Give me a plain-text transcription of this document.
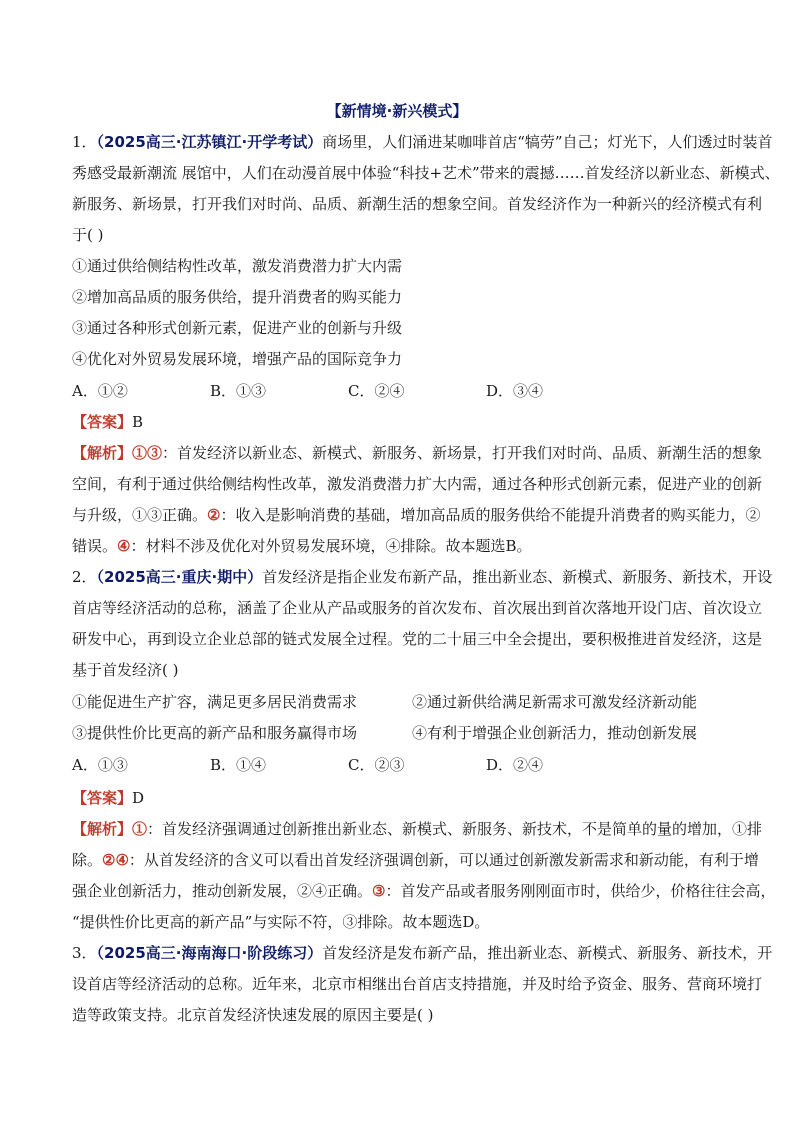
【新情境·新兴模式】
1．（2025高三·江苏镇江·开学考试）商场里，人们涌进某咖啡首店“犒劳”自己；灯光下，人们透过时装首
秀感受最新潮流 展馆中，人们在动漫首展中体验“科技+艺术”带来的震撼……首发经济以新业态、新模式、
新服务、新场景，打开我们对时尚、品质、新潮生活的想象空间。首发经济作为一种新兴的经济模式有利
于( )
①通过供给侧结构性改革，激发消费潜力扩大内需
②增加高品质的服务供给，提升消费者的购买能力
③通过各种形式创新元素，促进产业的创新与升级
④优化对外贸易发展环境，增强产品的国际竞争力
A．①②	B．①③	C．②④	D．③④
【答案】B
【解析】①③：首发经济以新业态、新模式、新服务、新场景，打开我们对时尚、品质、新潮生活的想象
空间，有利于通过供给侧结构性改革，激发消费潜力扩大内需，通过各种形式创新元素，促进产业的创新
与升级，①③正确。②：收入是影响消费的基础，增加高品质的服务供给不能提升消费者的购买能力，②
错误。④：材料不涉及优化对外贸易发展环境，④排除。故本题选B。
2．（2025高三·重庆·期中）首发经济是指企业发布新产品，推出新业态、新模式、新服务、新技术，开设
首店等经济活动的总称，涵盖了企业从产品或服务的首次发布、首次展出到首次落地开设门店、首次设立
研发中心，再到设立企业总部的链式发展全过程。党的二十届三中全会提出，要积极推进首发经济，这是
基于首发经济( )
①能促进生产扩容，满足更多居民消费需求	②通过新供给满足新需求可激发经济新动能
③提供性价比更高的新产品和服务赢得市场	④有利于增强企业创新活力，推动创新发展
A．①③	B．①④	C．②③	D．②④
【答案】D
【解析】①：首发经济强调通过创新推出新业态、新模式、新服务、新技术，不是简单的量的增加，①排
除。②④：从首发经济的含义可以看出首发经济强调创新，可以通过创新激发新需求和新动能，有利于增
强企业创新活力，推动创新发展，②④正确。③：首发产品或者服务刚刚面市时，供给少，价格往往会高，
“提供性价比更高的新产品”与实际不符，③排除。故本题选D。
3．（2025高三·海南海口·阶段练习）首发经济是发布新产品，推出新业态、新模式、新服务、新技术，开
设首店等经济活动的总称。近年来，北京市相继出台首店支持措施，并及时给予资金、服务、营商环境打
造等政策支持。北京首发经济快速发展的原因主要是( )
